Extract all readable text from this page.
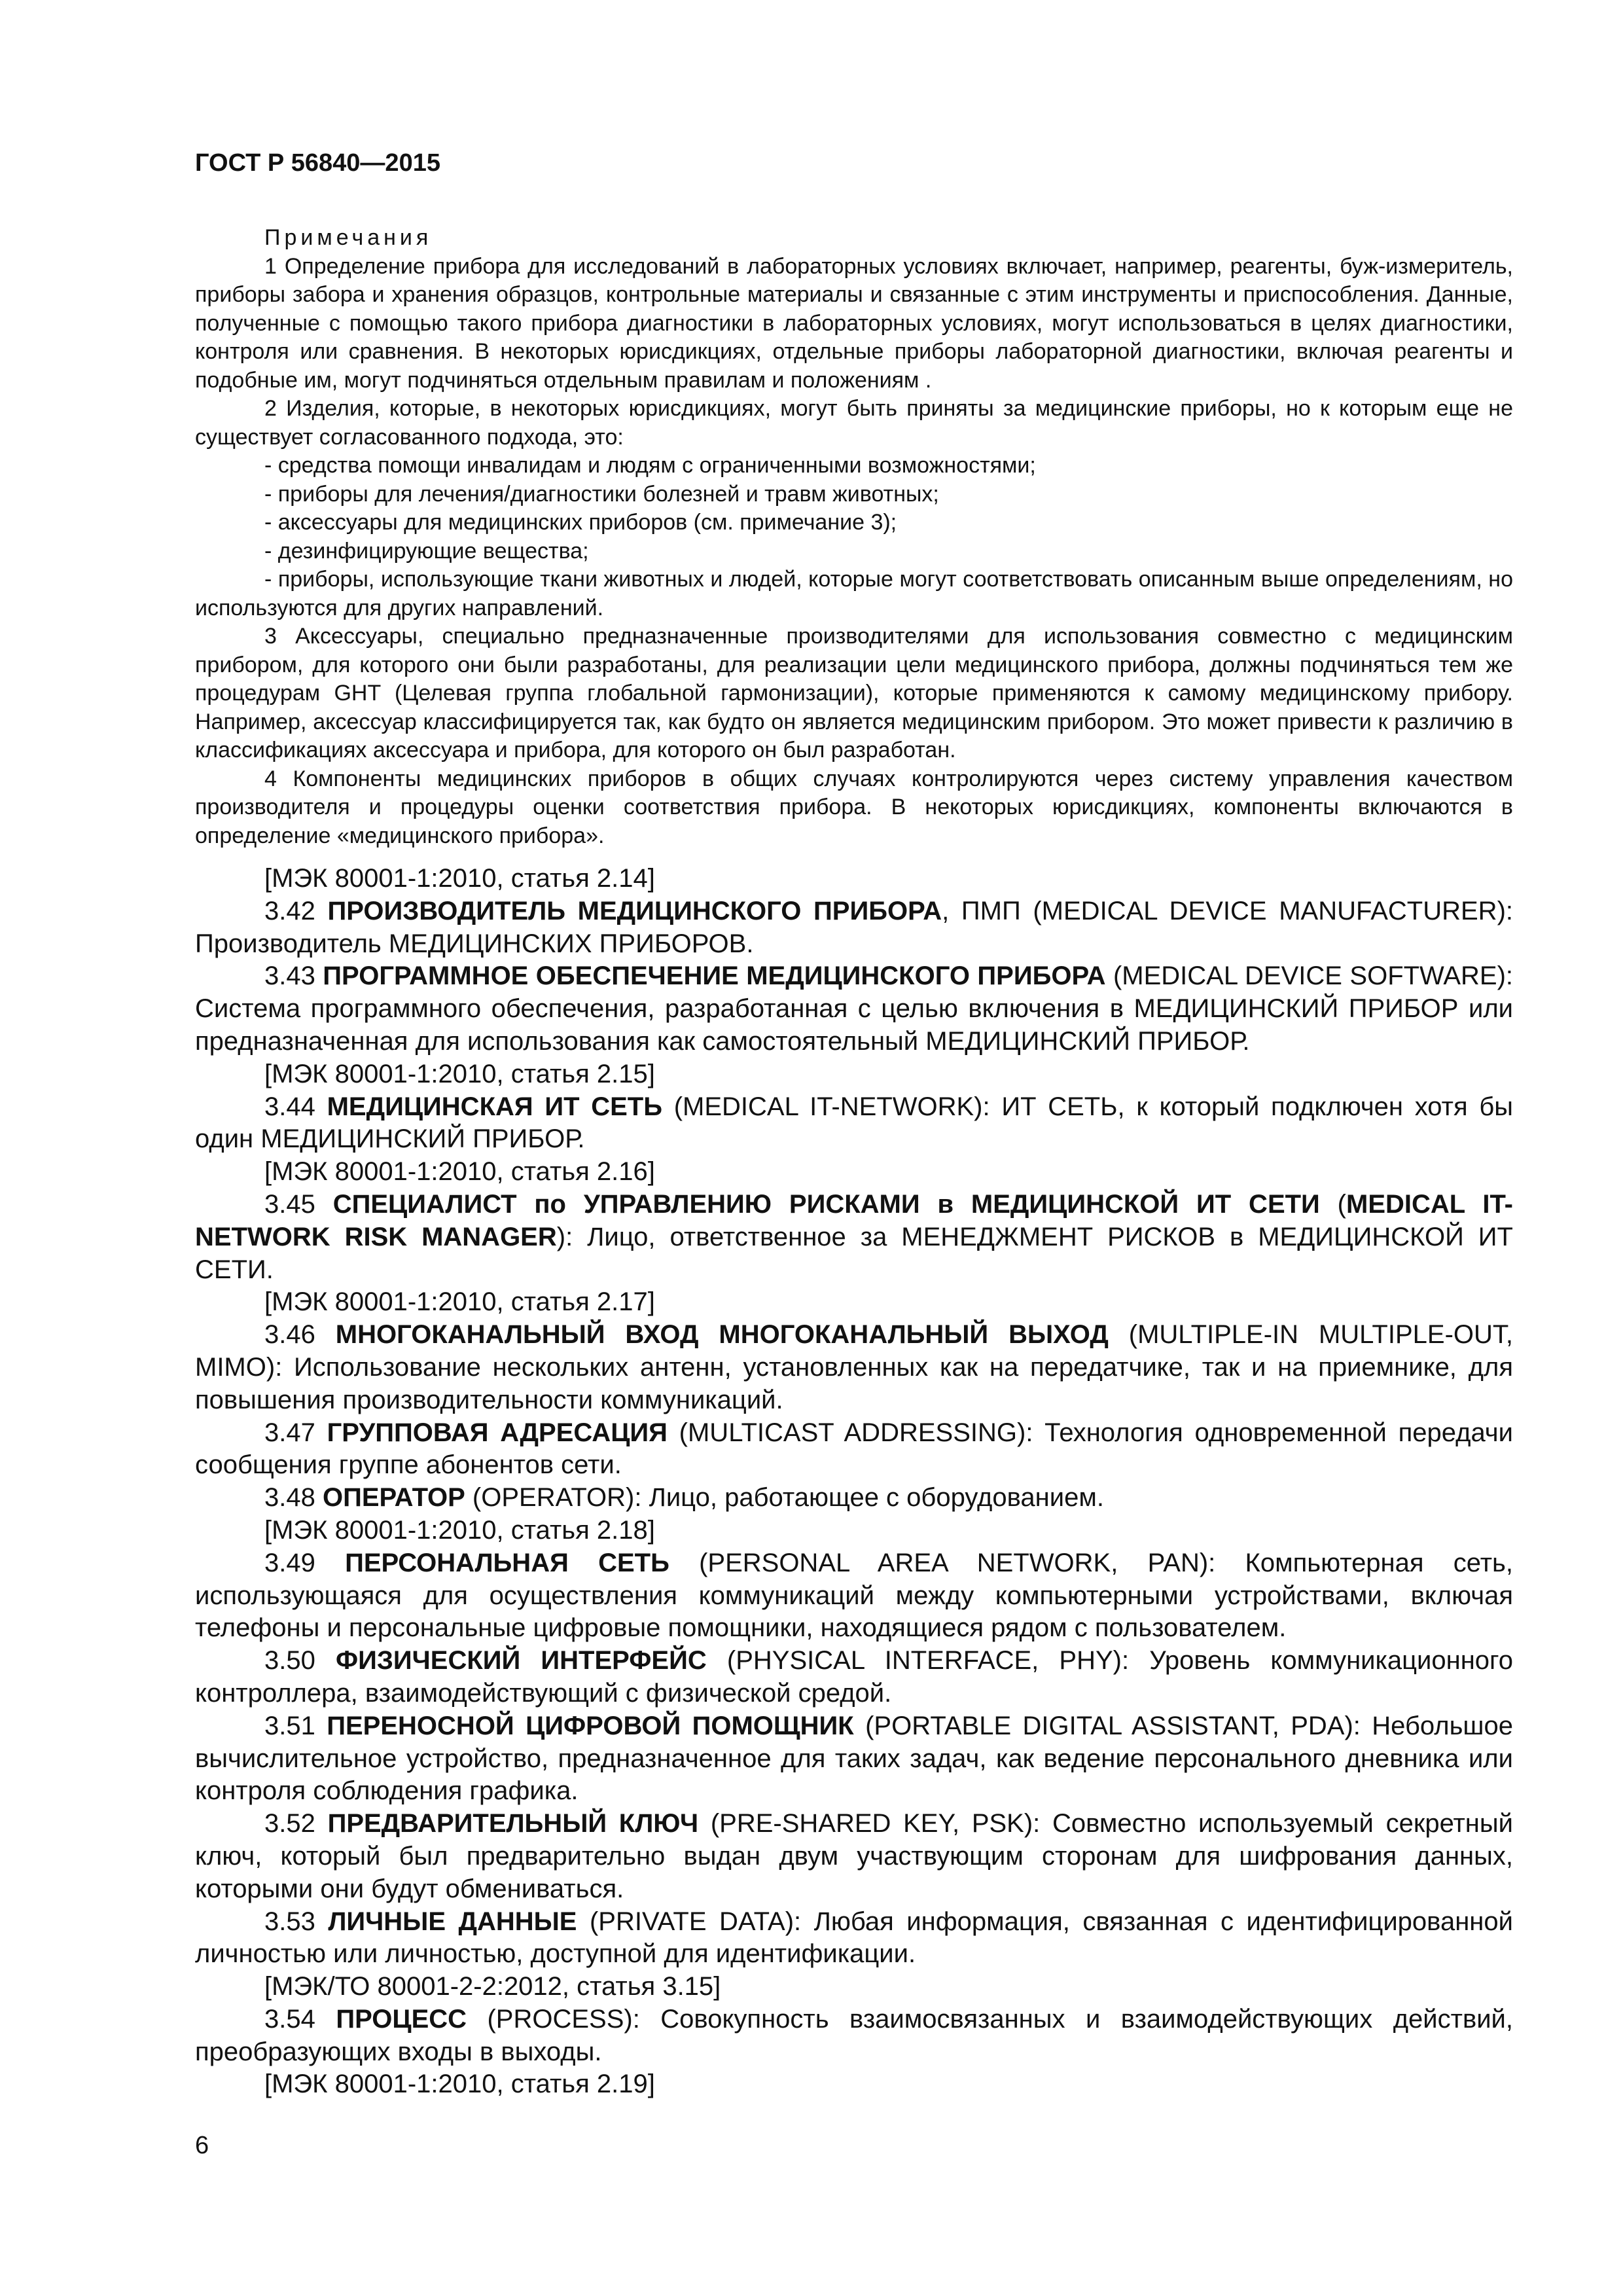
ГОСТ Р 56840—2015

Примечания

1 Определение прибора для исследований в лабораторных условиях включает, например, реагенты, буж-измеритель, приборы забора и хранения образцов, контрольные материалы и связанные с этим инструменты и приспособления. Данные, полученные с помощью такого прибора диагностики в лабораторных условиях, могут использоваться в целях диагностики, контроля или сравнения. В некоторых юрисдикциях, отдельные приборы лабораторной диагностики, включая реагенты и подобные им, могут подчиняться отдельным правилам и положениям .

2 Изделия, которые, в некоторых юрисдикциях, могут быть приняты за медицинские приборы, но к которым еще не существует согласованного подхода, это:

- средства помощи инвалидам и людям с ограниченными возможностями;

- приборы для лечения/диагностики болезней и травм животных;

- аксессуары для медицинских приборов (см. примечание 3);

- дезинфицирующие вещества;

- приборы, использующие ткани животных и людей, которые могут соответствовать описанным выше определениям, но используются для других направлений.

3 Аксессуары, специально предназначенные производителями для использования совместно с медицинским прибором, для которого они были разработаны, для реализации цели медицинского прибора, должны подчиняться тем же процедурам GHT (Целевая группа глобальной гармонизации), которые применяются к самому медицинскому прибору. Например, аксессуар классифицируется так, как будто он является медицинским прибором. Это может привести к различию в классификациях аксессуара и прибора, для которого он был разработан.

4 Компоненты медицинских приборов в общих случаях контролируются через систему управления качеством производителя и процедуры оценки соответствия прибора. В некоторых юрисдикциях, компоненты включаются в определение «медицинского прибора».

[МЭК 80001-1:2010, статья 2.14]

3.42 ПРОИЗВОДИТЕЛЬ МЕДИЦИНСКОГО ПРИБОРА, ПМП (MEDICAL DEVICE MANUFACTURER): Производитель МЕДИЦИНСКИХ ПРИБОРОВ.

3.43 ПРОГРАММНОЕ ОБЕСПЕЧЕНИЕ МЕДИЦИНСКОГО ПРИБОРА (MEDICAL DEVICE SOFTWARE): Система программного обеспечения, разработанная с целью включения в МЕДИЦИНСКИЙ ПРИБОР или предназначенная для использования как самостоятельный МЕДИЦИНСКИЙ ПРИБОР.

[МЭК 80001-1:2010, статья 2.15]

3.44 МЕДИЦИНСКАЯ ИТ СЕТЬ (MEDICAL IT-NETWORK): ИТ СЕТЬ, к который подключен хотя бы один МЕДИЦИНСКИЙ ПРИБОР.

[МЭК 80001-1:2010, статья 2.16]

3.45 СПЕЦИАЛИСТ по УПРАВЛЕНИЮ РИСКАМИ в МЕДИЦИНСКОЙ ИТ СЕТИ (MEDICAL IT-NETWORK RISK MANAGER): Лицо, ответственное за МЕНЕДЖМЕНТ РИСКОВ в МЕДИЦИНСКОЙ ИТ СЕТИ.

[МЭК 80001-1:2010, статья 2.17]

3.46 МНОГОКАНАЛЬНЫЙ ВХОД МНОГОКАНАЛЬНЫЙ ВЫХОД (MULTIPLE-IN MULTIPLE-OUT, MIMO): Использование нескольких антенн, установленных как на передатчике, так и на приемнике, для повышения производительности коммуникаций.

3.47 ГРУППОВАЯ АДРЕСАЦИЯ (MULTICAST ADDRESSING): Технология одновременной передачи сообщения группе абонентов сети.

3.48 ОПЕРАТОР (OPERATOR): Лицо, работающее с оборудованием.

[МЭК 80001-1:2010, статья 2.18]

3.49 ПЕРСОНАЛЬНАЯ СЕТЬ (PERSONAL AREA NETWORK, PAN): Компьютерная сеть, использующаяся для осуществления коммуникаций между компьютерными устройствами, включая телефоны и персональные цифровые помощники, находящиеся рядом с пользователем.

3.50 ФИЗИЧЕСКИЙ ИНТЕРФЕЙС (PHYSICAL INTERFACE, PHY): Уровень коммуникационного контроллера, взаимодействующий с физической средой.

3.51 ПЕРЕНОСНОЙ ЦИФРОВОЙ ПОМОЩНИК (PORTABLE DIGITAL ASSISTANT, PDA): Небольшое вычислительное устройство, предназначенное для таких задач, как ведение персонального дневника или контроля соблюдения графика.

3.52 ПРЕДВАРИТЕЛЬНЫЙ КЛЮЧ (PRE-SHARED KEY, PSK): Совместно используемый секретный ключ, который был предварительно выдан двум участвующим сторонам для шифрования данных, которыми они будут обмениваться.

3.53 ЛИЧНЫЕ ДАННЫЕ (PRIVATE DATA): Любая информация, связанная с идентифицированной личностью или личностью, доступной для идентификации.

[МЭК/ТО 80001-2-2:2012, статья 3.15]

3.54 ПРОЦЕСС (PROCESS): Совокупность взаимосвязанных и взаимодействующих действий, преобразующих входы в выходы.

[МЭК 80001-1:2010, статья 2.19]

6
